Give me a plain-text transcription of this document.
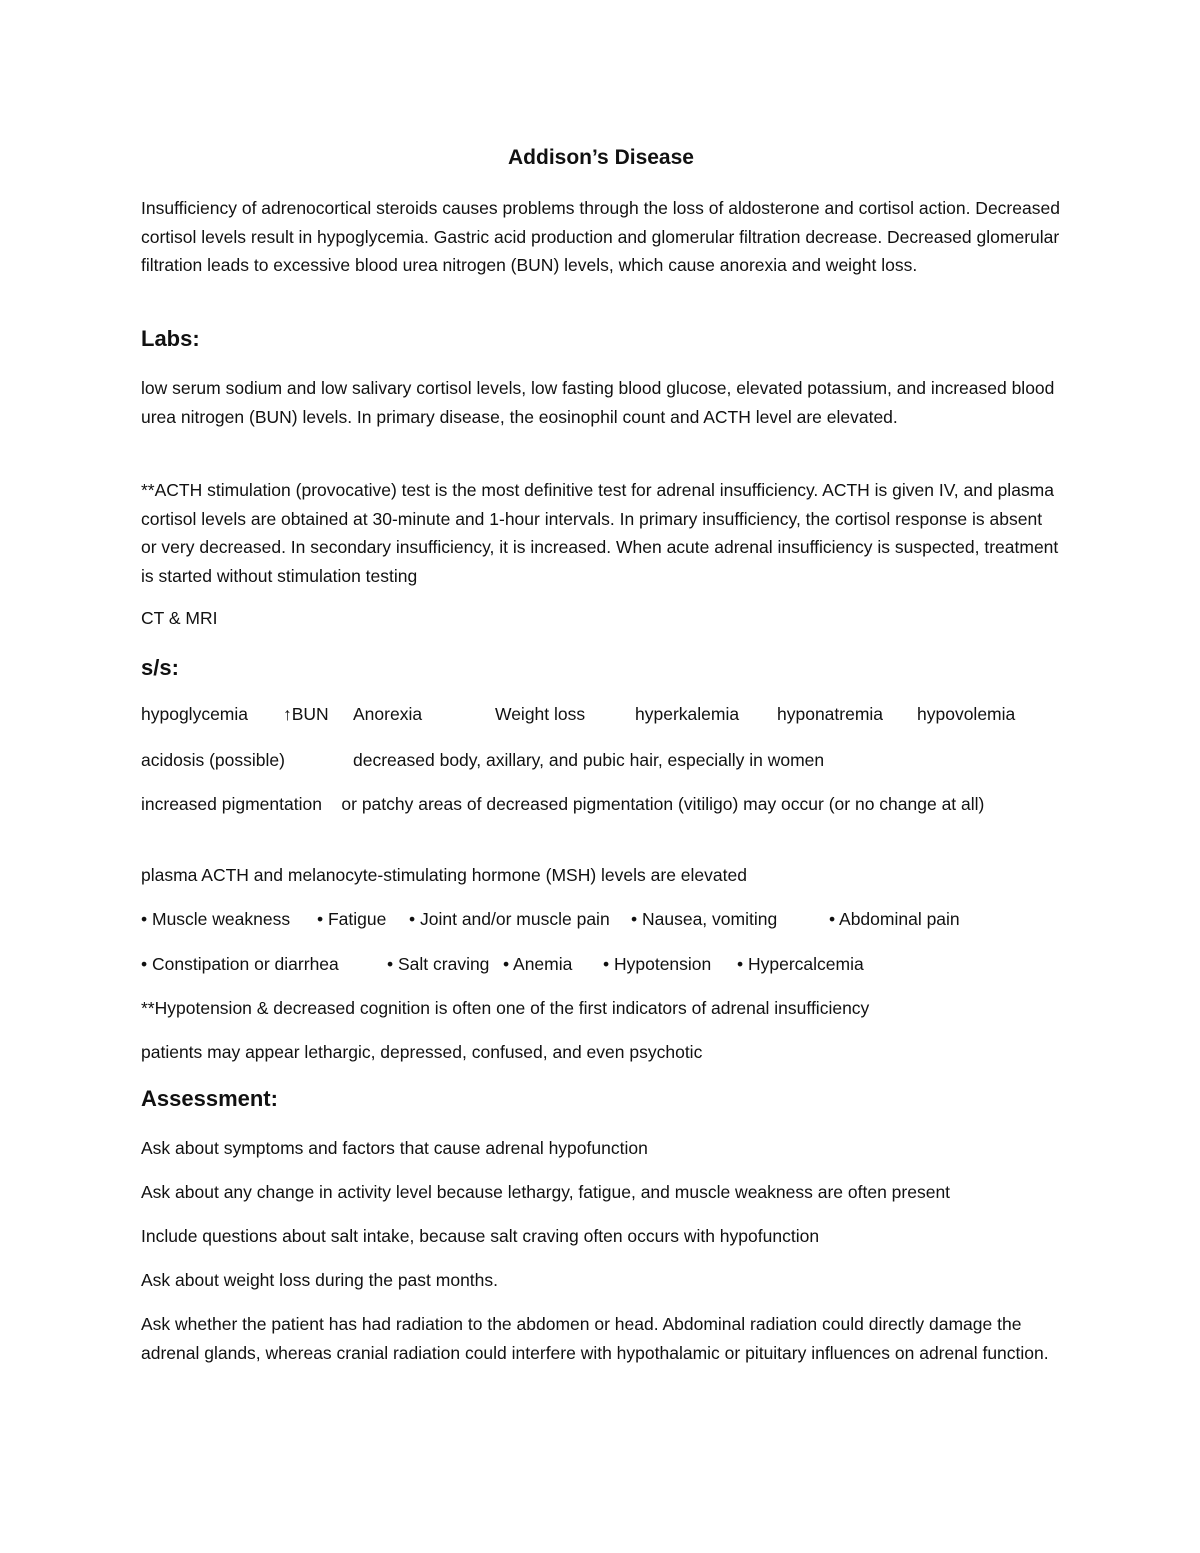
Addison’s Disease

Insufficiency of adrenocortical steroids causes problems through the loss of aldosterone and cortisol action. Decreased cortisol levels result in hypoglycemia. Gastric acid production and glomerular filtration decrease. Decreased glomerular filtration leads to excessive blood urea nitrogen (BUN) levels, which cause anorexia and weight loss.

Labs:

low serum sodium and low salivary cortisol levels, low fasting blood glucose, elevated potassium, and increased blood urea nitrogen (BUN) levels. In primary disease, the eosinophil count and ACTH level are elevated.

**ACTH stimulation (provocative) test is the most definitive test for adrenal insufficiency. ACTH is given IV, and plasma cortisol levels are obtained at 30-minute and 1-hour intervals. In primary insufficiency, the cortisol response is absent or very decreased. In secondary insufficiency, it is increased. When acute adrenal insufficiency is suspected, treatment is started without stimulation testing

CT & MRI

s/s:
hypoglycemia ↑BUN Anorexia	Weight loss	hyperkalemia hyponatremia hypovolemia
acidosis (possible)	decreased body, axillary, and pubic hair, especially in women

increased pigmentation    or patchy areas of decreased pigmentation (vitiligo) may occur (or no change at all)

plasma ACTH and melanocyte-stimulating hormone (MSH) levels are elevated

• Muscle weakness • Fatigue • Joint and/or muscle pain • Nausea, vomiting	• Abdominal pain
• Constipation or diarrhea	• Salt craving • Anemia • Hypotension • Hypercalcemia

**Hypotension & decreased cognition is often one of the first indicators of adrenal insufficiency

patients may appear lethargic, depressed, confused, and even psychotic

Assessment:

Ask about symptoms and factors that cause adrenal hypofunction

Ask about any change in activity level because lethargy, fatigue, and muscle weakness are often present

Include questions about salt intake, because salt craving often occurs with hypofunction

Ask about weight loss during the past months.

Ask whether the patient has had radiation to the abdomen or head. Abdominal radiation could directly damage the adrenal glands, whereas cranial radiation could interfere with hypothalamic or pituitary influences on adrenal function.
